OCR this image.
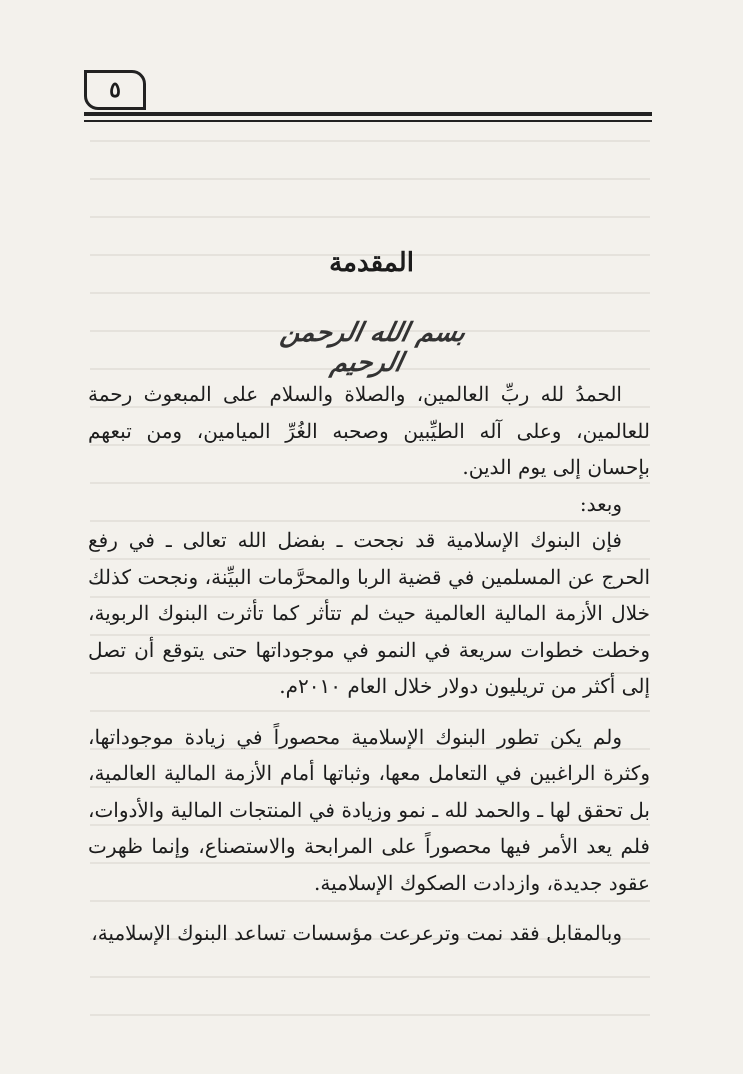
٥
المقدمة
بسم الله الرحمن الرحيم

الحمدُ لله ربِّ العالمين، والصلاة والسلام على المبعوث رحمة للعالمين، وعلى آله الطيِّبين وصحبه الغُرِّ الميامين، ومن تبعهم بإحسان إلى يوم الدين.

وبعد:

فإن البنوك الإسلامية قد نجحت ـ بفضل الله تعالى ـ في رفع الحرج عن المسلمين في قضية الربا والمحرَّمات البيِّنة، ونجحت كذلك خلال الأزمة المالية العالمية حيث لم تتأثر كما تأثرت البنوك الربوية، وخطت خطوات سريعة في النمو في موجوداتها حتى يتوقع أن تصل إلى أكثر من تريليون دولار خلال العام ٢٠١٠م.

ولم يكن تطور البنوك الإسلامية محصوراً في زيادة موجوداتها، وكثرة الراغبين في التعامل معها، وثباتها أمام الأزمة المالية العالمية، بل تحقق لها ـ والحمد لله ـ نمو وزيادة في المنتجات المالية والأدوات، فلم يعد الأمر فيها محصوراً على المرابحة والاستصناع، وإنما ظهرت عقود جديدة، وازدادت الصكوك الإسلامية.

وبالمقابل فقد نمت وترعرعت مؤسسات تساعد البنوك الإسلامية،
